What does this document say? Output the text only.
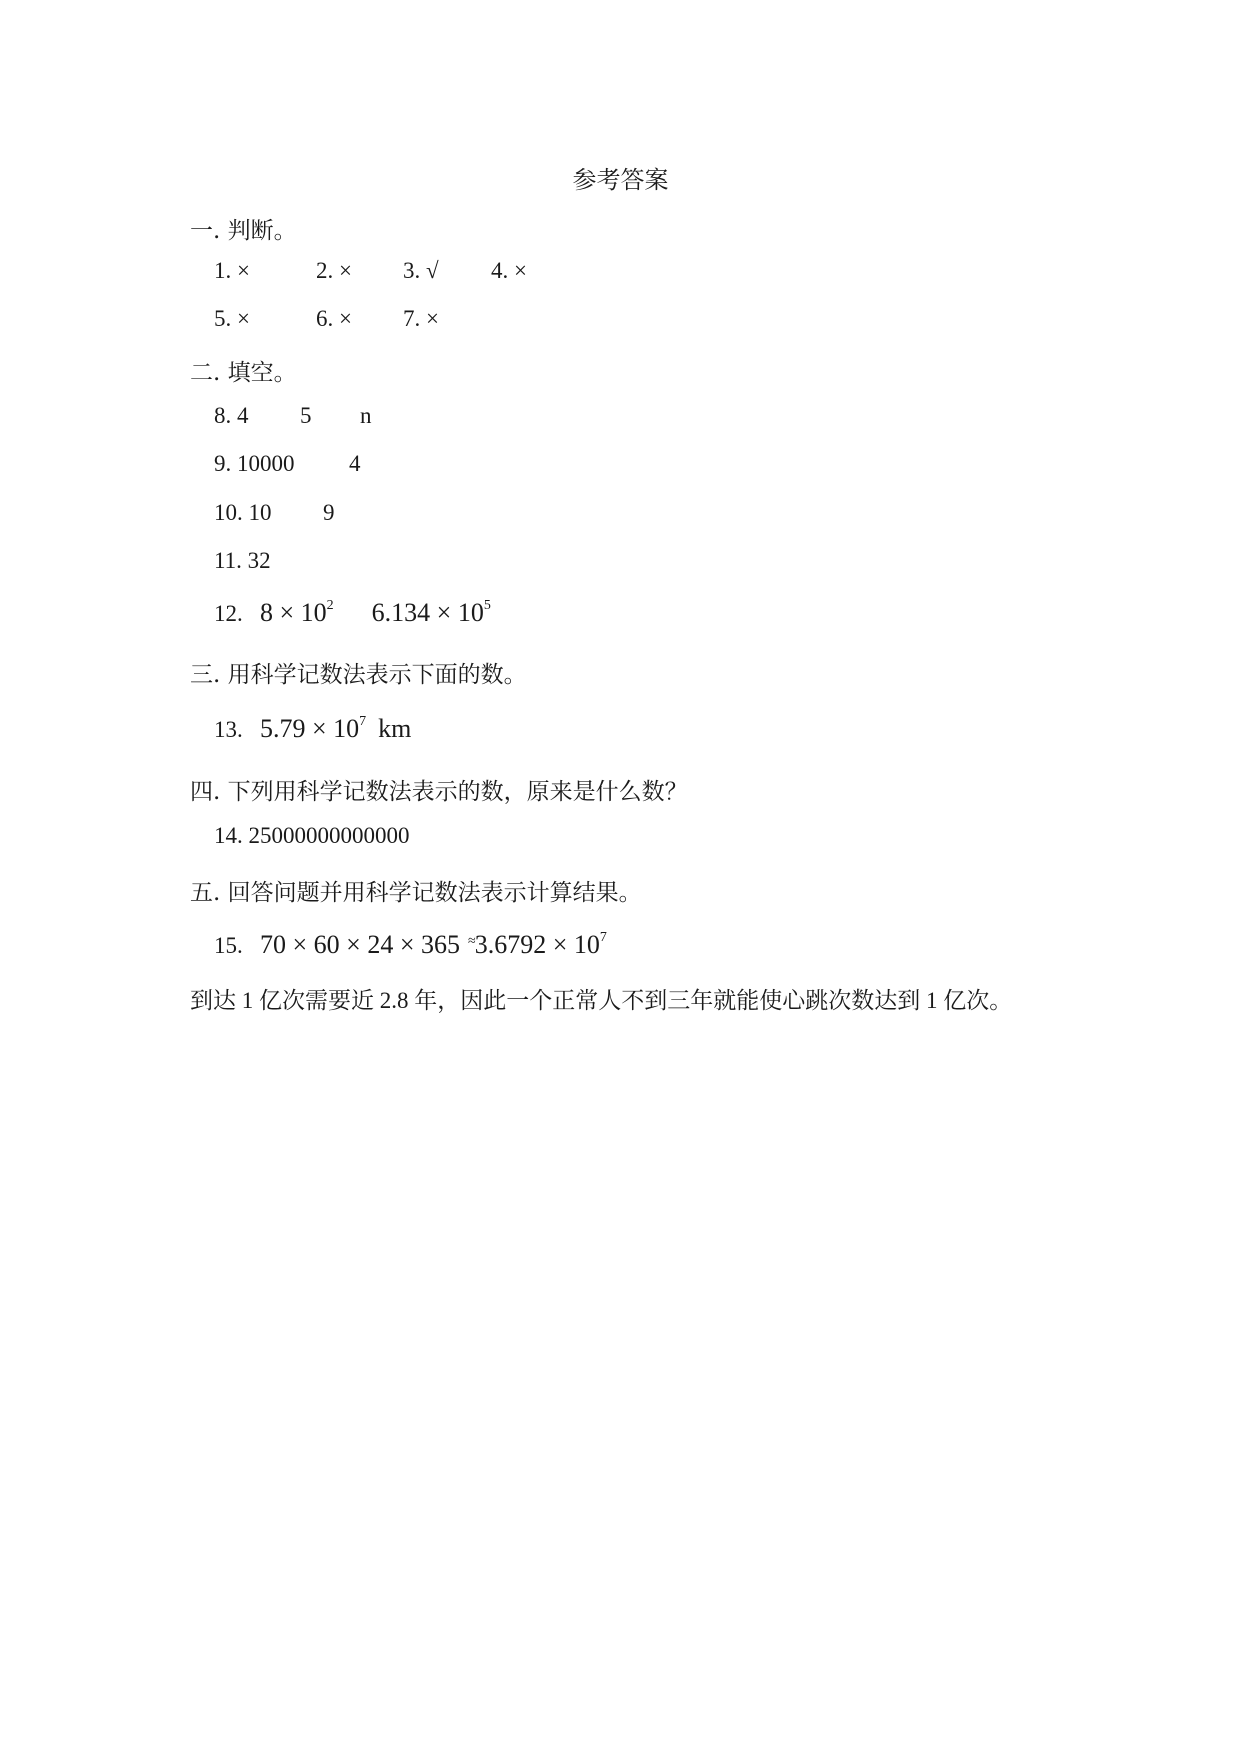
参考答案
一. 判断。
1. ×	2. × 3. √ 4. ×
5. ×	6. × 7. ×
二. 填空。
8. 4 5 n
9. 10000 4
10. 10 9
11. 32
12. $8 \times 10^2$ $6.134 \times 10^5$
三. 用科学记数法表示下面的数。
13. $5.79 \times 10^7$ km
四. 下列用科学记数法表示的数，原来是什么数？
14. 25000000000000
五. 回答问题并用科学记数法表示计算结果。
15. $70 \times 60 \times 24 \times 365 \approx 3.6792 \times 10^7$
到达 1 亿次需要近 2.8 年，因此一个正常人不到三年就能使心跳次数达到 1 亿次。
